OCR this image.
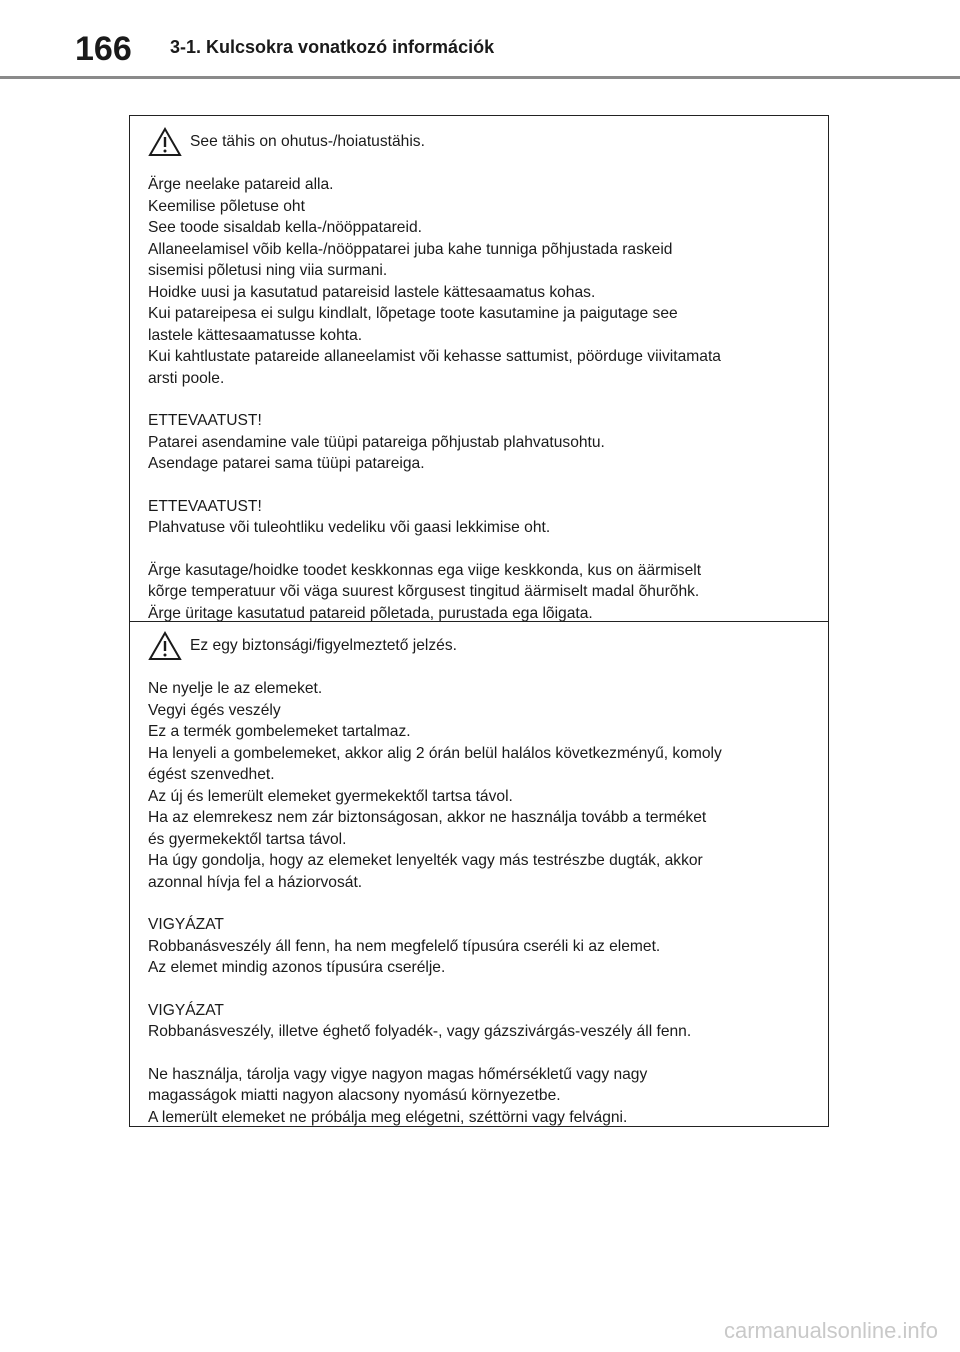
166 3-1. Kulcsokra vonatkozó információk
See tähis on ohutus-/hoiatustähis.
Ärge neelake patareid alla.
Keemilise põletuse oht
See toode sisaldab kella-/nööppatareid.
Allaneelamisel võib kella-/nööppatarei juba kahe tunniga põhjustada raskeid
sisemisi põletusi ning viia surmani.
Hoidke uusi ja kasutatud patareisid lastele kättesaamatus kohas.
Kui patareipesa ei sulgu kindlalt, lõpetage toote kasutamine ja paigutage see
lastele kättesaamatusse kohta.
Kui kahtlustate patareide allaneelamist või kehasse sattumist, pöörduge viivitamata
arsti poole.
ETTEVAATUST!
Patarei asendamine vale tüüpi patareiga põhjustab plahvatusohtu.
Asendage patarei sama tüüpi patareiga.
ETTEVAATUST!
Plahvatuse või tuleohtliku vedeliku või gaasi lekkimise oht.
Ärge kasutage/hoidke toodet keskkonnas ega viige keskkonda, kus on äärmiselt
kõrge temperatuur või väga suurest kõrgusest tingitud äärmiselt madal õhurõhk.
Ärge üritage kasutatud patareid põletada, purustada ega lõigata.
Ez egy biztonsági/figyelmeztető jelzés.
Ne nyelje le az elemeket.
Vegyi égés veszély
Ez a termék gombelemeket tartalmaz.
Ha lenyeli a gombelemeket, akkor alig 2 órán belül halálos következményű, komoly
égést szenvedhet.
Az új és lemerült elemeket gyermekektől tartsa távol.
Ha az elemrekesz nem zár biztonságosan, akkor ne használja tovább a terméket
és gyermekektől tartsa távol.
Ha úgy gondolja, hogy az elemeket lenyelték vagy más testrészbe dugták, akkor
azonnal hívja fel a háziorvosát.
VIGYÁZAT
Robbanásveszély áll fenn, ha nem megfelelő típusúra cseréli ki az elemet.
Az elemet mindig azonos típusúra cserélje.
VIGYÁZAT
Robbanásveszély, illetve éghető folyadék-, vagy gázszivárgás-veszély áll fenn.
Ne használja, tárolja vagy vigye nagyon magas hőmérsékletű vagy nagy
magasságok miatti nagyon alacsony nyomású környezetbe.
A lemerült elemeket ne próbálja meg elégetni, széttörni vagy felvágni.
carmanualsonline.info
